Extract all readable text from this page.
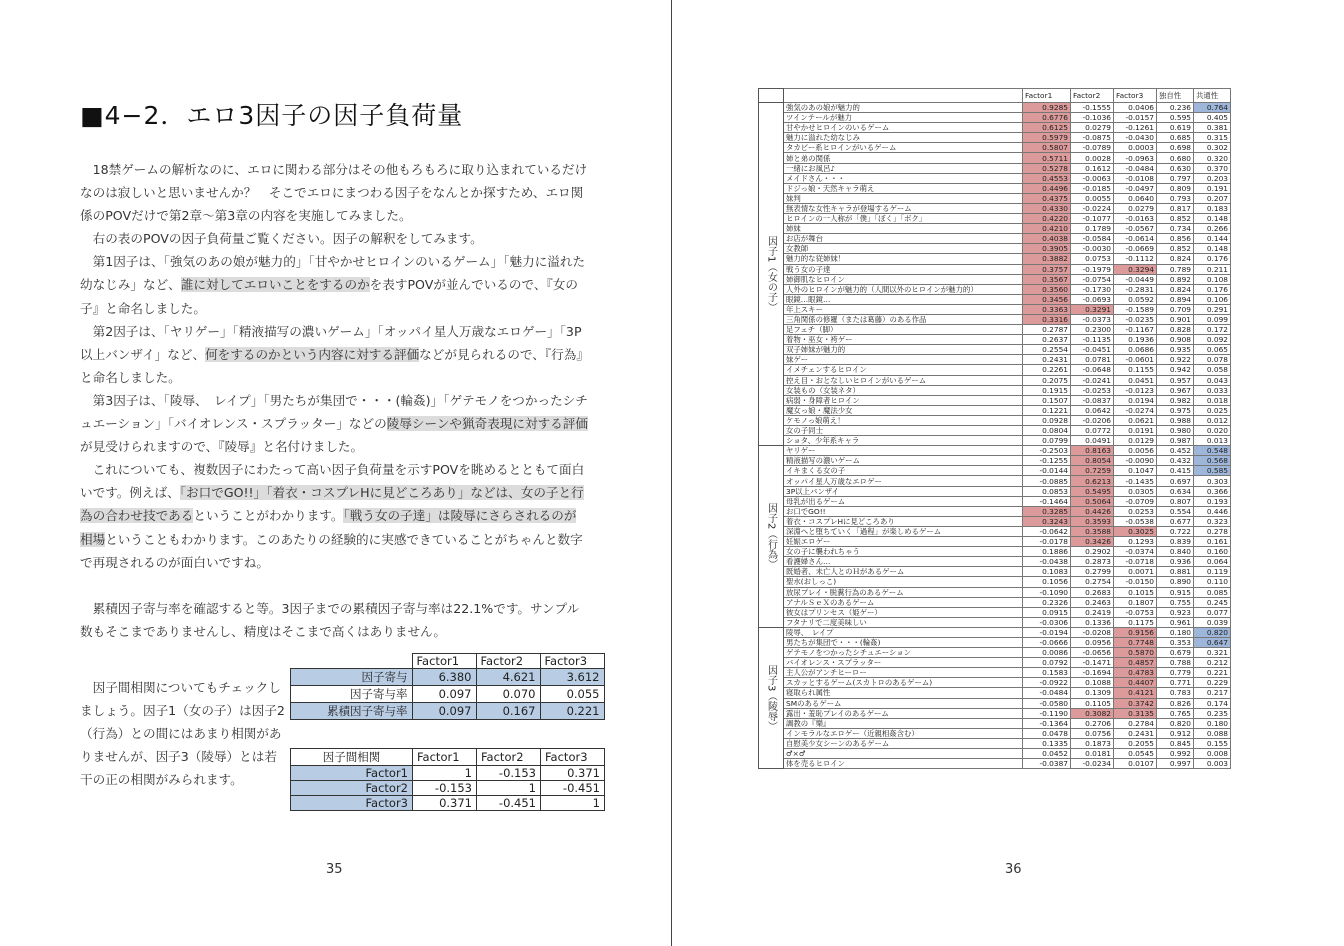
■4−2．エロ3因子の因子負荷量

　18禁ゲームの解析なのに、エロに関わる部分はその他もろもろに取り込まれているだけなのは寂しいと思いませんか？　そこでエロにまつわる因子をなんとか探すため、エロ関係のPOVだけで第2章〜第3章の内容を実施してみました。

　右の表のPOVの因子負荷量ご覧ください。因子の解釈をしてみます。

　第1因子は、「強気のあの娘が魅力的」「甘やかせヒロインのいるゲーム」「魅力に溢れた幼なじみ」など、誰に対してエロいことをするのかを表すPOVが並んでいるので、『女の子』と命名しました。

　第2因子は、「ヤリゲー」「精液描写の濃いゲーム」「オッパイ星人万歳なエロゲー」「3P以上バンザイ」など、何をするのかという内容に対する評価などが見られるので、『行為』と命名しました。

　第3因子は、「陵辱、　レイプ」「男たちが集団で・・・(輪姦)」「ゲテモノをつかったシチュエーション」「バイオレンス・スプラッター」などの陵辱シーンや猟奇表現に対する評価が見受けられますので、『陵辱』と名付けました。

　これについても、複数因子にわたって高い因子負荷量を示すPOVを眺めるとともて面白いです。例えば、「お口でGO!!」「着衣・コスプレHに見どころあり」などは、女の子と行為の合わせ技であるということがわかります。「戦う女の子達」は陵辱にさらされるのが相場ということもわかります。このあたりの経験的に実感できていることがちゃんと数字で再現されるのが面白いですね。

　累積因子寄与率を確認すると等。3因子までの累積因子寄与率は22.1%です。サンプル数もそこまでありませんし、精度はそこまで高くはありません。

　因子間相関についてもチェックしましょう。因子1（女の子）は因子2（行為）との間にはあまり相関がありませんが、因子3（陵辱）とは若干の正の相関がみられます。
	Factor1	Factor2	Factor3
因子寄与	6.380	4.621	3.612
因子寄与率	0.097	0.070	0.055
累積因子寄与率	0.097	0.167	0.221
因子間相関	Factor1	Factor2	Factor3
Factor1	1	-0.153	0.371
Factor2	-0.153	1	-0.451
Factor3	0.371	-0.451	1
35
		Factor1	Factor2	Factor3	独自性	共通性
因子1（女の子）	強気のあの娘が魅力的	0.9285	-0.1555	0.0406	0.236	0.764
	ツインテールが魅力	0.6776	-0.1036	-0.0157	0.595	0.405
	甘やかせヒロインのいるゲーム	0.6125	0.0279	-0.1261	0.619	0.381
	魅力に溢れた幼なじみ	0.5979	-0.0875	-0.0430	0.685	0.315
	タカビー系ヒロインがいるゲーム	0.5807	-0.0789	0.0003	0.698	0.302
	姉と弟の関係	0.5711	0.0028	-0.0963	0.680	0.320
	一緒にお風呂♪	0.5278	0.1612	-0.0484	0.630	0.370
	メイドさん・・・	0.4553	-0.0063	-0.0108	0.797	0.203
	ドジっ娘・天然キャラ萌え	0.4496	-0.0185	-0.0497	0.809	0.191
	妹判	0.4375	0.0055	0.0640	0.793	0.207
	無表情な女性キャラが登場するゲーム	0.4330	-0.0224	0.0279	0.817	0.183
	ヒロインの一人称が「僕」「ぼく」「ボク」	0.4220	-0.1077	-0.0163	0.852	0.148
	姉妹	0.4210	0.1789	-0.0567	0.734	0.266
	お店が舞台	0.4038	-0.0584	-0.0614	0.856	0.144
	女教師	0.3905	-0.0030	-0.0669	0.852	0.148
	魅力的な従姉妹！	0.3882	0.0753	-0.1112	0.824	0.176
	戦う女の子達	0.3757	-0.1979	0.3294	0.789	0.211
	姉御肌なヒロイン	0.3567	-0.0754	-0.0449	0.892	0.108
	人外のヒロインが魅力的（人間以外のヒロインが魅力的）	0.3560	-0.1730	-0.2831	0.824	0.176
	眼鏡…眼鏡…	0.3456	-0.0693	0.0592	0.894	0.106
	年上スキー	0.3363	0.3291	-0.1589	0.709	0.291
	三角関係の修羅（または葛藤）のある作品	0.3316	-0.0373	-0.0235	0.901	0.099
	足フェチ（脚）	0.2787	0.2300	-0.1167	0.828	0.172
	着物・巫女・袴ゲー	0.2637	-0.1135	0.1936	0.908	0.092
	双子姉妹が魅力的	0.2554	-0.0451	0.0686	0.935	0.065
	妹ゲー	0.2431	0.0781	-0.0601	0.922	0.078
	イメチェンするヒロイン	0.2261	-0.0648	0.1155	0.942	0.058
	控え目・おとなしいヒロインがいるゲーム	0.2075	-0.0241	0.0451	0.957	0.043
	女装もの（女装ネタ）	0.1915	-0.0253	-0.0123	0.967	0.033
	病弱・身障者ヒロイン	0.1507	-0.0837	0.0194	0.982	0.018
	魔女っ娘・魔法少女	0.1221	0.0642	-0.0274	0.975	0.025
	ケモノっ娘萌え！	0.0928	-0.0206	0.0621	0.988	0.012
	女の子同士	0.0804	0.0772	0.0191	0.980	0.020
	ショタ、少年系キャラ	0.0799	0.0491	0.0129	0.987	0.013
因子2（行為）	ヤリゲー	-0.2503	0.8163	0.0056	0.452	0.548
	精液描写の濃いゲーム	-0.1255	0.8054	-0.0090	0.432	0.568
	イキまくる女の子	-0.0144	0.7259	0.1047	0.415	0.585
	オッパイ星人万歳なエロゲー	-0.0885	0.6213	-0.1435	0.697	0.303
	3P以上バンザイ	0.0853	0.5495	0.0305	0.634	0.366
	母乳が出るゲーム	-0.1464	0.5064	-0.0709	0.807	0.193
	お口でGO!!	0.3285	0.4426	0.0253	0.554	0.446
	着衣・コスプレHに見どころあり	0.3243	0.3593	-0.0538	0.677	0.323
	深淵へと堕ちていく「過程」が楽しめるゲーム	-0.0642	0.3588	0.3025	0.722	0.278
	妊娠エロゲー	-0.0178	0.3426	0.1293	0.839	0.161
	女の子に襲われちゃう	0.1886	0.2902	-0.0374	0.840	0.160
	看護婦さん…	-0.0438	0.2873	-0.0718	0.936	0.064
	既婚者、未亡人とのＨがあるゲーム	0.1083	0.2799	0.0071	0.881	0.119
	聖水(おしっこ)	0.1056	0.2754	-0.0150	0.890	0.110
	放尿プレイ・脱糞行為のあるゲーム	-0.1090	0.2683	0.1015	0.915	0.085
	アナルＳｅＸのあるゲーム	0.2326	0.2463	0.1807	0.755	0.245
	彼女はプリンセス（姫ゲー）	0.0915	0.2419	-0.0753	0.923	0.077
	フタナリで二度美味しい	-0.0306	0.1336	0.1175	0.961	0.039
因子3（陵辱）	陵辱、　レイプ	-0.0194	-0.0208	0.9156	0.180	0.820
	男たちが集団で・・・(輪姦)	-0.0666	0.0956	0.7748	0.353	0.647
	ゲテモノをつかったシチュエーション	0.0086	-0.0656	0.5870	0.679	0.321
	バイオレンス・スプラッター	0.0792	-0.1471	0.4857	0.788	0.212
	主人公がアンチヒーロー	0.1583	-0.1694	0.4783	0.779	0.221
	スカッとするゲーム(スカトロのあるゲーム)	-0.0922	0.1088	0.4407	0.771	0.229
	寝取られ属性	-0.0484	0.1309	0.4121	0.783	0.217
	SMのあるゲーム	-0.0580	0.1105	0.3742	0.826	0.174
	露出・羞恥プレイのあるゲーム	-0.1190	0.3082	0.3135	0.765	0.235
	調教の『樂』	-0.1364	0.2706	0.2784	0.820	0.180
	インモラルなエロゲー（近親相姦含む）	0.0478	0.0756	0.2431	0.912	0.088
	自慰美少女シーンのあるゲーム	0.1335	0.1873	0.2055	0.845	0.155
	♂×♂	0.0452	0.0181	0.0545	0.992	0.008
	体を売るヒロイン	-0.0387	-0.0234	0.0107	0.997	0.003
36
